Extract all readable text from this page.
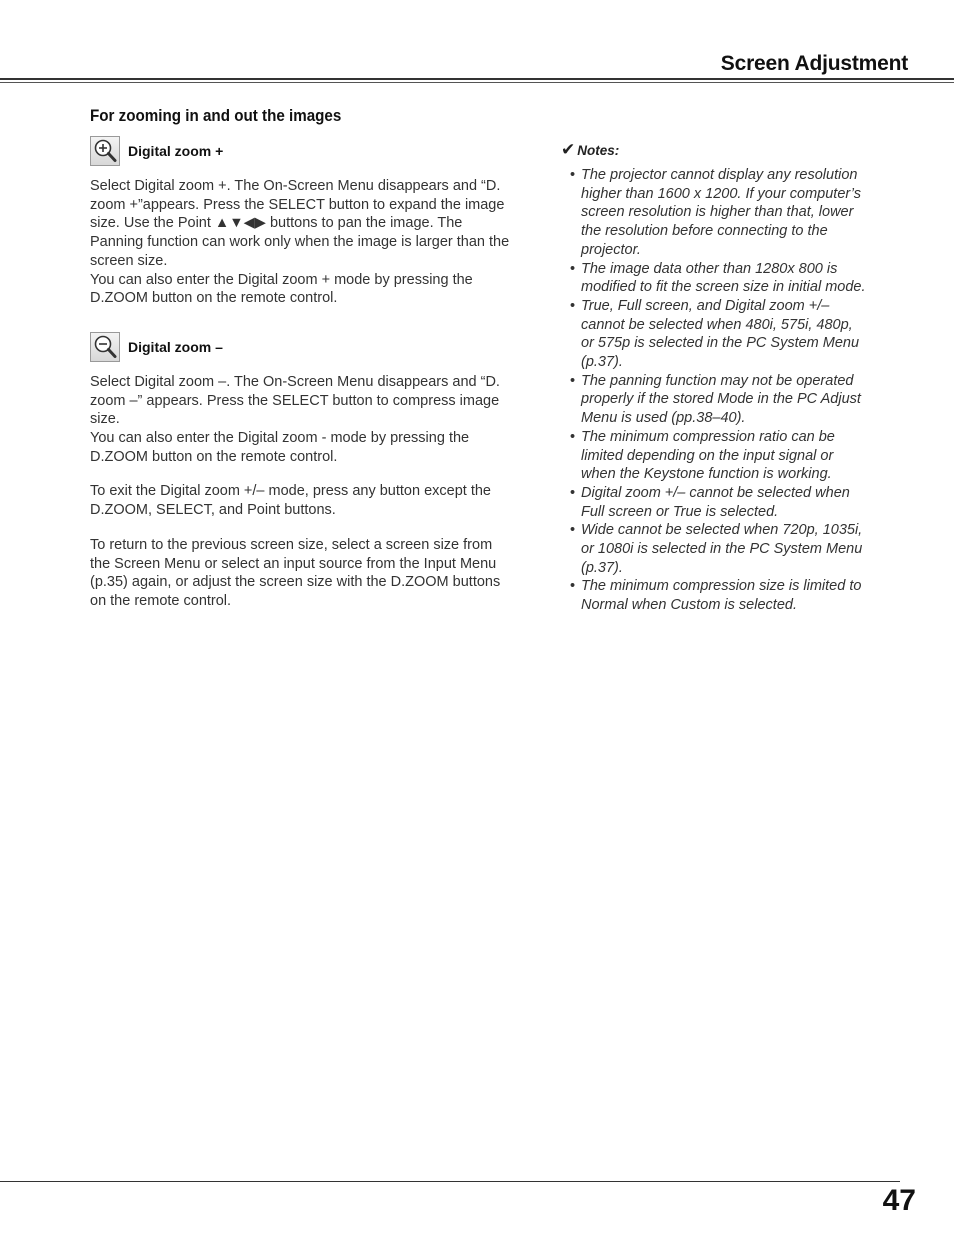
Screen Adjustment
For zooming in and out the images
Digital zoom +

Select Digital zoom +. The On-Screen Menu disappears and “D. zoom +”appears. Press the SELECT button to expand the image size. Use the Point ▲▼◀▶ buttons to pan the image. The Panning function can work only when the image is larger than the screen size.

You can also enter the Digital zoom + mode by pressing the D.ZOOM button on the remote control.

Digital zoom –

Select Digital zoom –. The On-Screen Menu disappears and “D. zoom –” appears. Press the SELECT button to compress image size.

You can also enter the Digital zoom - mode by pressing the D.ZOOM button on the remote control.

To exit the Digital zoom +/– mode, press any button except the D.ZOOM, SELECT, and Point buttons.

To return to the previous screen size, select a screen size from the Screen Menu or select an input source from the Input Menu (p.35) again, or adjust the screen size with the D.ZOOM buttons on the remote control.

✔ Notes:
• The projector cannot display any resolution higher than 1600 x 1200. If your computer’s screen resolution is higher than that, lower the resolution before connecting to the projector.
• The image data other than 1280x 800 is modified to fit the screen size in initial mode.
• True, Full screen, and Digital zoom +/– cannot be selected when 480i, 575i, 480p, or 575p is selected in the PC System Menu (p.37).
• The panning function may not be operated properly if the stored Mode in the PC Adjust Menu is used (pp.38–40).
• The minimum compression ratio can be limited depending on the input signal or when the Keystone function is working.
• Digital zoom +/– cannot be selected when Full screen or True is selected.
• Wide cannot be selected when 720p, 1035i, or 1080i is selected in the PC System Menu (p.37).
• The minimum compression size is limited to Normal when Custom is selected.
47
